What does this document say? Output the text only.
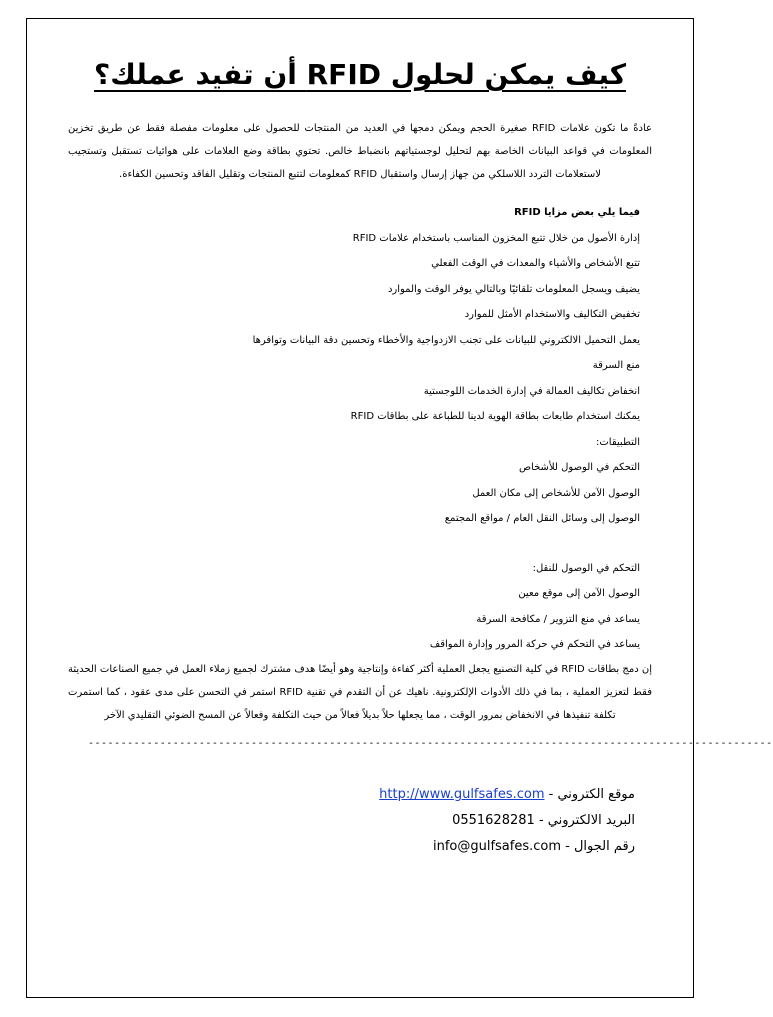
كيف يمكن لحلول RFID أن تفيد عملك؟

عادةً ما تكون علامات RFID صغيرة الحجم ويمكن دمجها في العديد من المنتجات للحصول على معلومات مفصلة فقط عن طريق تخزين المعلومات في قواعد البيانات الخاصة بهم لتحليل لوجستياتهم بانضباط خالص. تحتوي بطاقة وضع العلامات على هوائيات تستقبل وتستجيب لاستعلامات التردد اللاسلكي من جهاز إرسال واستقبال RFID كمعلومات لتتبع المنتجات وتقليل الفاقد وتحسين الكفاءة.

فيما يلي بعض مزايا RFID

إدارة الأصول من خلال تتبع المخزون المناسب باستخدام علامات RFID

تتبع الأشخاص والأشياء والمعدات في الوقت الفعلي

يضيف ويسجل المعلومات تلقائيًا وبالتالي يوفر الوقت والموارد

تخفيض التكاليف والاستخدام الأمثل للموارد

يعمل التحميل الالكتروني للبيانات على تجنب الازدواجية والأخطاء وتحسين دقة البيانات وتوافرها

منع السرقة

انخفاض تكاليف العمالة في إدارة الخدمات اللوجستية

يمكنك استخدام طابعات بطاقة الهوية لدينا للطباعة على بطاقات RFID

التطبيقات:

التحكم في الوصول للأشخاص

الوصول الآمن للأشخاص إلى مكان العمل

الوصول إلى وسائل النقل العام / مواقع المجتمع

التحكم في الوصول للنقل:

الوصول الآمن إلى موقع معين

يساعد في منع التزوير / مكافحة السرقة

يساعد في التحكم في حركة المرور وإدارة المواقف

إن دمج بطاقات RFID في كلية التصنيع يجعل العملية أكثر كفاءة وإنتاجية وهو أيضًا هدف مشترك لجميع زملاء العمل في جميع الصناعات الحديثة فقط لتعزيز العملية ، بما في ذلك الأدوات الإلكترونية. ناهيك عن أن التقدم في تقنية RFID استمر في التحسن على مدى عقود ، كما استمرت تكلفة تنفيذها في الانخفاض بمرور الوقت ، مما يجعلها حلاً بديلاً فعالاً من حيث التكلفة وفعالاً عن المسح الضوئي التقليدي الآخر

---------------------------------------------------------------------------------------------------------

موقع الكتروني - http://www.gulfsafes.com

البريد الالكتروني - 0551628281

رقم الجوال - info@gulfsafes.com
